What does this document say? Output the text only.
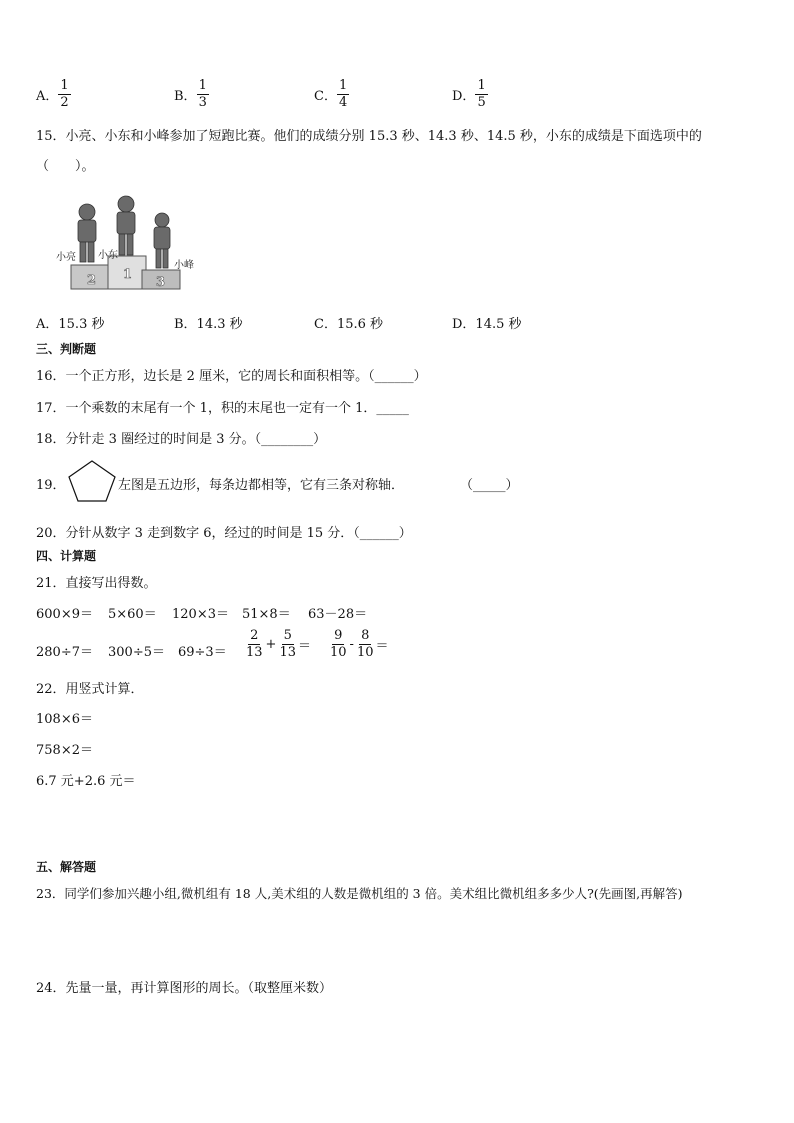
A． $\frac{1}{2}$	B． $\frac{1}{3}$	C． $\frac{1}{4}$	D． $\frac{1}{5}$
15．小亮、小东和小峰参加了短跑比赛。他们的成绩分别 15.3 秒、14.3 秒、14.5 秒，小东的成绩是下面选项中的
（　　）。
2 1
3
小亮 小东
小峰
A．15.3 秒	B．14.3 秒	C．15.6 秒	D．14.5 秒
三、判断题
16．一个正方形，边长是 2 厘米，它的周长和面积相等。（______）
17．一个乘数的末尾有一个 1，积的末尾也一定有一个 1．_____
18．分针走 3 圈经过的时间是 3 分。（________）
19．	左图是五边形，每条边都相等，它有三条对称轴．	（_____）
20．分针从数字 3 走到数字 6，经过的时间是 15 分．（______）
四、计算题
21．直接写出得数。
600×9＝ 5×60＝ 120×3＝ 51×8＝ 63－28＝
$280\div 7= 300\div 5= 69\div 3= \frac{2}{13} + \frac{5}{13} = \frac{9}{10} - \frac{8}{10}$ ＝
22．用竖式计算．
108×6＝
758×2＝
6.7 元+2.6 元＝
五、解答题
23．同学们参加兴趣小组,微机组有 18 人,美术组的人数是微机组的 3 倍。美术组比微机组多多少人?(先画图,再解答)
24．先量一量，再计算图形的周长。（取整厘米数）
